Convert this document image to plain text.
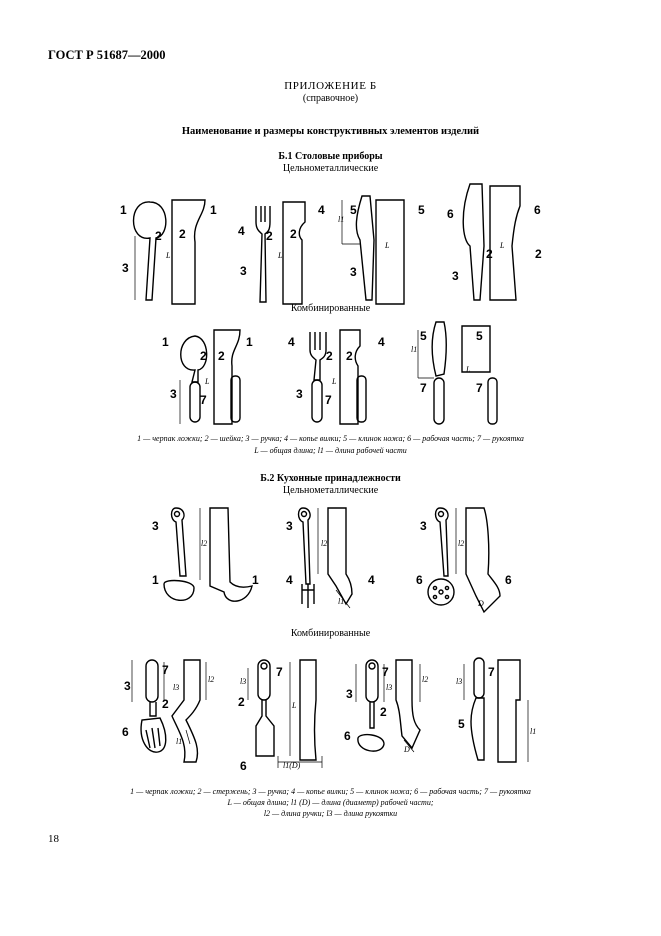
ГОСТ Р 51687—2000
ПРИЛОЖЕНИЕ Б
(справочное)
Наименование и размеры конструктивных элементов изделий
Б.1 Столовые приборы
Цельнометаллические
Комбинированные
1 — черпак ложки; 2 — шейка; 3 — ручка; 4 — копье вилки; 5 — клинок ножа; 6 — рабочая часть; 7 — рукоятка
L — общая длина; l1 — длина рабочей части
Б.2 Кухонные принадлежности
Цельнометаллические
Комбинированные
1 — черпак ложки; 2 — стержень; 3 — ручка; 4 — копье вилки; 5 — клинок ножа; 6 — рабочая часть; 7 — рукоятка
L — общая длина; l1 (D) — длина (диаметр) рабочей части;
l2 — длина ручки; l3 — длина рукоятки
18
1
2 2
1
3
L
4 2 2
4
3
L
5	5
3
l1
L
6	6
2	2
3
L
1
2 2
1
3 7
L
4
2 2
4
3 7
L
5	5
7	7
l1
L
3
1	1
l2
3
4	4
l2
l1
3
6	6
l2
D
3
7
2
6
l3
l2
l1
2
7
6
l3
L
l1(D)
3
7
2
6
l3
l2
D
7
5
l3
l1
